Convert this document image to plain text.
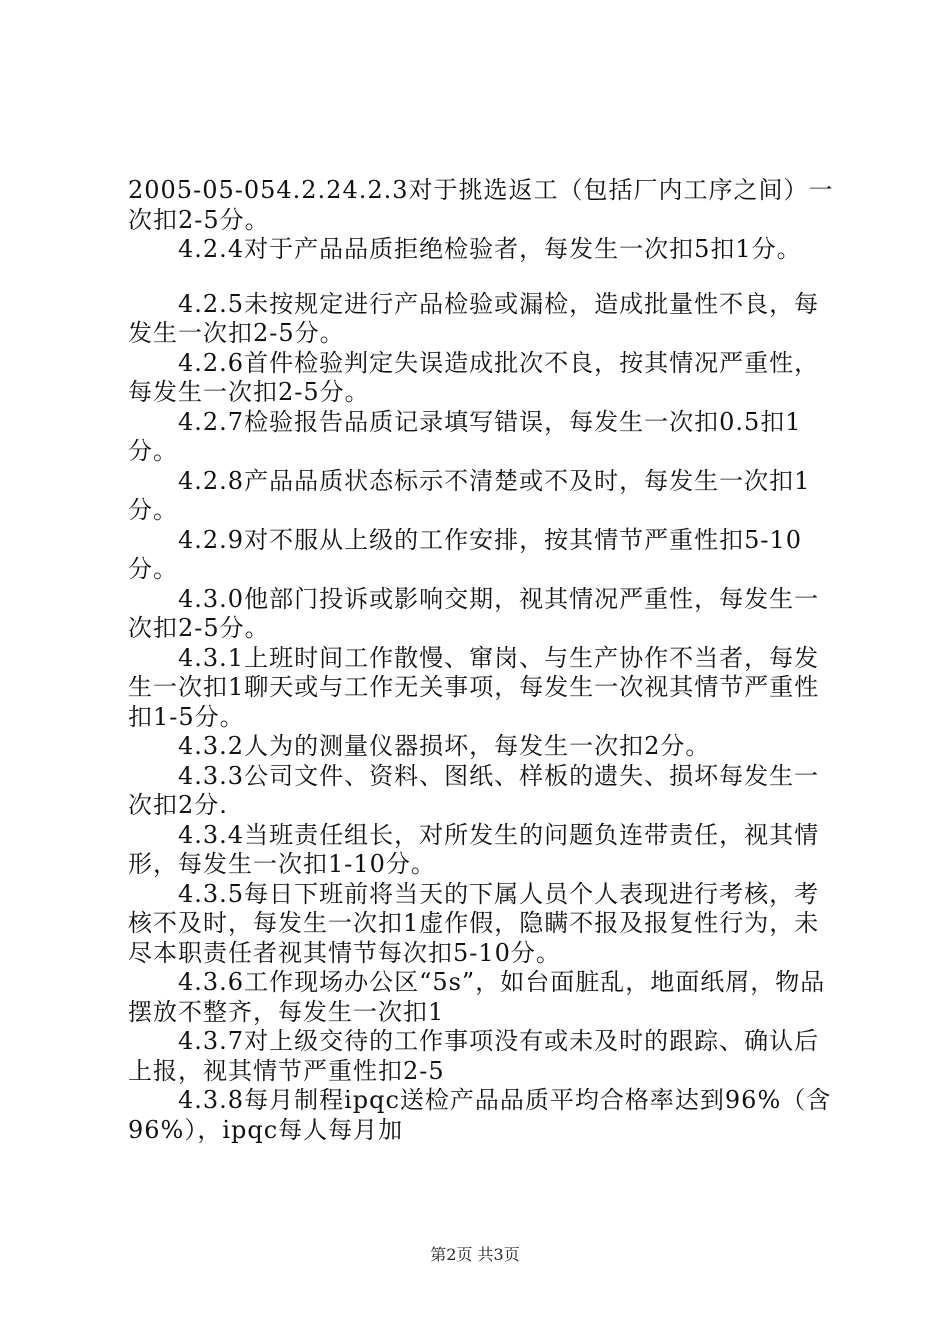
2005-05-054.2.24.2.3对于挑选返工（包括厂内工序之间）一次扣2-5分。

4.2.4对于产品品质拒绝检验者，每发生一次扣5扣1分。

4.2.5未按规定进行产品检验或漏检，造成批量性不良，每发生一次扣2-5分。

4.2.6首件检验判定失误造成批次不良，按其情况严重性，每发生一次扣2-5分。

4.2.7检验报告品质记录填写错误，每发生一次扣0.5扣1分。

4.2.8产品品质状态标示不清楚或不及时，每发生一次扣1分。

4.2.9对不服从上级的工作安排，按其情节严重性扣5-10分。

4.3.0他部门投诉或影响交期，视其情况严重性，每发生一次扣2-5分。

4.3.1上班时间工作散慢、窜岗、与生产协作不当者，每发生一次扣1聊天或与工作无关事项，每发生一次视其情节严重性扣1-5分。

4.3.2人为的测量仪器损坏，每发生一次扣2分。

4.3.3公司文件、资料、图纸、样板的遗失、损坏每发生一次扣2分.

4.3.4当班责任组长，对所发生的问题负连带责任，视其情形，每发生一次扣1-10分。

4.3.5每日下班前将当天的下属人员个人表现进行考核，考核不及时，每发生一次扣1虚作假，隐瞒不报及报复性行为，未尽本职责任者视其情节每次扣5-10分。

4.3.6工作现场办公区“5s”，如台面脏乱，地面纸屑，物品摆放不整齐，每发生一次扣1

4.3.7对上级交待的工作事项没有或未及时的跟踪、确认后上报，视其情节严重性扣2-5

4.3.8每月制程ipqc送检产品品质平均合格率达到96%（含96%），ipqc每人每月加

第2页 共3页
